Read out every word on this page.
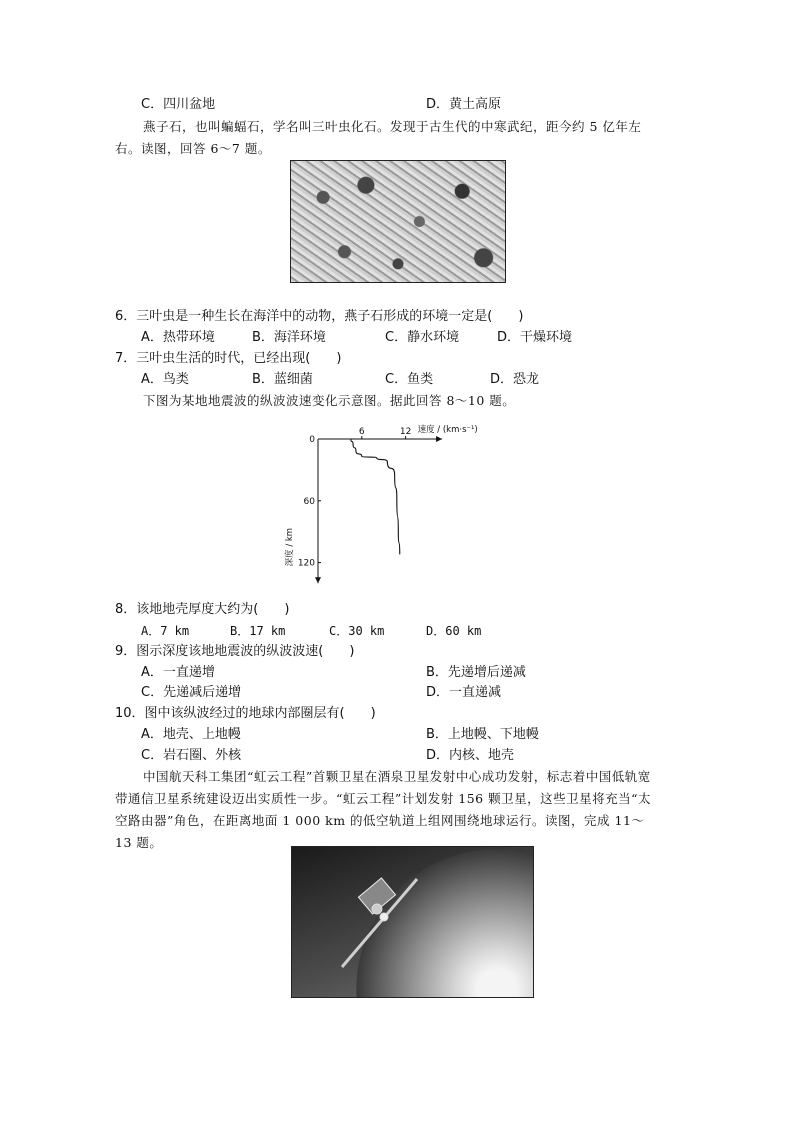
C．四川盆地	D．黄土高原
燕子石，也叫蝙蝠石，学名叫三叶虫化石。发现于古生代的中寒武纪，距今约 5 亿年左右。读图，回答 6～7 题。
6．三叶虫是一种生长在海洋中的动物，燕子石形成的环境一定是(　　)
A．热带环境	B．海洋环境	C．静水环境	D．干燥环境
7．三叶虫生活的时代，已经出现(　　)
A．鸟类	B．蓝细菌	C．鱼类	D．恐龙
下图为某地地震波的纵波波速变化示意图。据此回答 8～10 题。
6	12 速度 / (km·s⁻¹)
0
60
120
深度 / km
8．该地地壳厚度大约为(　　)
A．7 km	B．17 km	C．30 km	D．60 km
9．图示深度该地地震波的纵波波速(　　)
A．一直递增	B．先递增后递减
C．先递减后递增	D．一直递减
10．图中该纵波经过的地球内部圈层有(　　)
A．地壳、上地幔	B．上地幔、下地幔
C．岩石圈、外核	D．内核、地壳
中国航天科工集团“虹云工程”首颗卫星在酒泉卫星发射中心成功发射，标志着中国低轨宽带通信卫星系统建设迈出实质性一步。“虹云工程”计划发射 156 颗卫星，这些卫星将充当“太空路由器”角色，在距离地面 1 000 km 的低空轨道上组网围绕地球运行。读图，完成 11～13 题。
